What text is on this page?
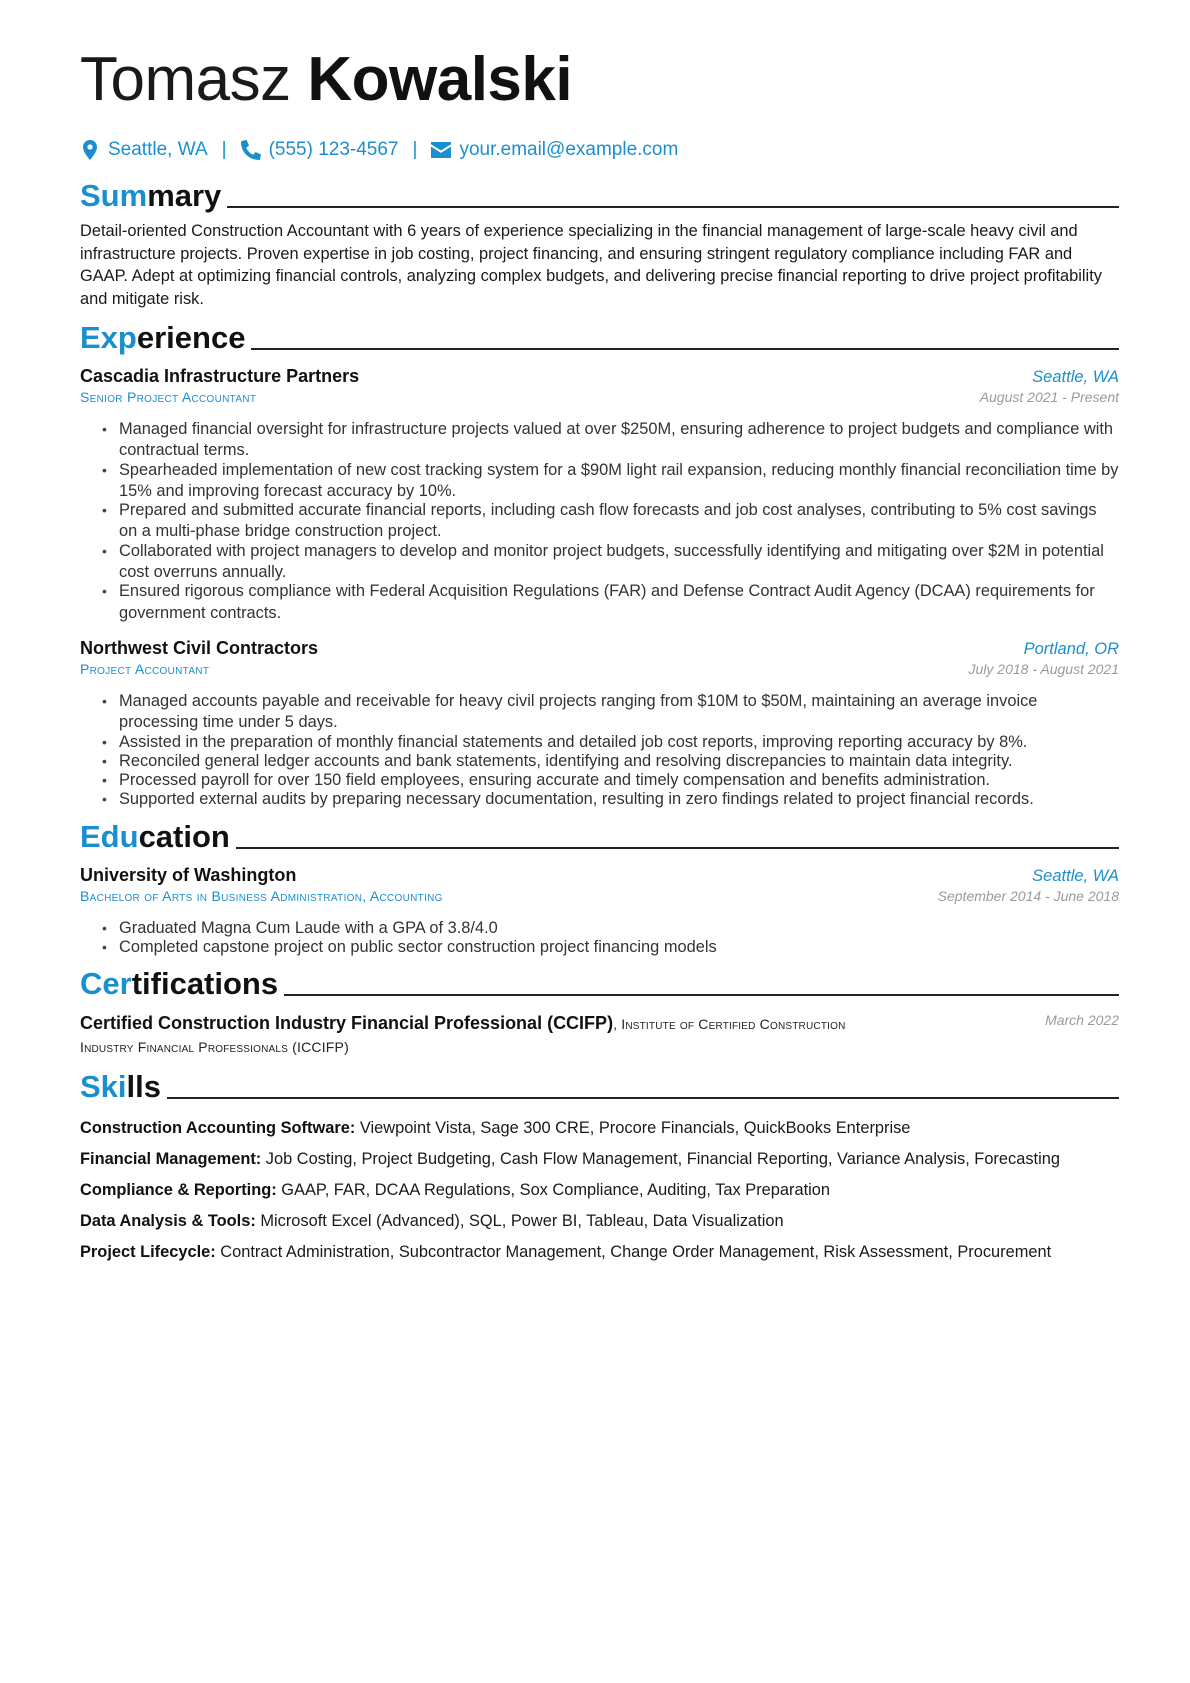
Tomasz Kowalski
Seattle, WA | (555) 123-4567 | your.email@example.com
Summary
Detail-oriented Construction Accountant with 6 years of experience specializing in the financial management of large-scale heavy civil and infrastructure projects. Proven expertise in job costing, project financing, and ensuring stringent regulatory compliance including FAR and GAAP. Adept at optimizing financial controls, analyzing complex budgets, and delivering precise financial reporting to drive project profitability and mitigate risk.
Experience
Cascadia Infrastructure Partners	Seattle, WA
Senior Project Accountant	August 2021 - Present
• Managed financial oversight for infrastructure projects valued at over $250M, ensuring adherence to project budgets and compliance with contractual terms.
• Spearheaded implementation of new cost tracking system for a $90M light rail expansion, reducing monthly financial reconciliation time by 15% and improving forecast accuracy by 10%.
• Prepared and submitted accurate financial reports, including cash flow forecasts and job cost analyses, contributing to 5% cost savings on a multi-phase bridge construction project.
• Collaborated with project managers to develop and monitor project budgets, successfully identifying and mitigating over $2M in potential cost overruns annually.
• Ensured rigorous compliance with Federal Acquisition Regulations (FAR) and Defense Contract Audit Agency (DCAA) requirements for government contracts.
Northwest Civil Contractors	Portland, OR
Project Accountant	July 2018 - August 2021
• Managed accounts payable and receivable for heavy civil projects ranging from $10M to $50M, maintaining an average invoice processing time under 5 days.
• Assisted in the preparation of monthly financial statements and detailed job cost reports, improving reporting accuracy by 8%.
• Reconciled general ledger accounts and bank statements, identifying and resolving discrepancies to maintain data integrity.
• Processed payroll for over 150 field employees, ensuring accurate and timely compensation and benefits administration.
• Supported external audits by preparing necessary documentation, resulting in zero findings related to project financial records.
Education
University of Washington	Seattle, WA
Bachelor of Arts in Business Administration, Accounting	September 2014 - June 2018
• Graduated Magna Cum Laude with a GPA of 3.8/4.0
• Completed capstone project on public sector construction project financing models
Certifications
Certified Construction Industry Financial Professional (CCIFP), Institute of Certified Construction Industry Financial Professionals (ICCIFP)
March 2022
Skills
Construction Accounting Software: Viewpoint Vista, Sage 300 CRE, Procore Financials, QuickBooks Enterprise
Financial Management: Job Costing, Project Budgeting, Cash Flow Management, Financial Reporting, Variance Analysis, Forecasting
Compliance & Reporting: GAAP, FAR, DCAA Regulations, Sox Compliance, Auditing, Tax Preparation
Data Analysis & Tools: Microsoft Excel (Advanced), SQL, Power BI, Tableau, Data Visualization
Project Lifecycle: Contract Administration, Subcontractor Management, Change Order Management, Risk Assessment, Procurement
